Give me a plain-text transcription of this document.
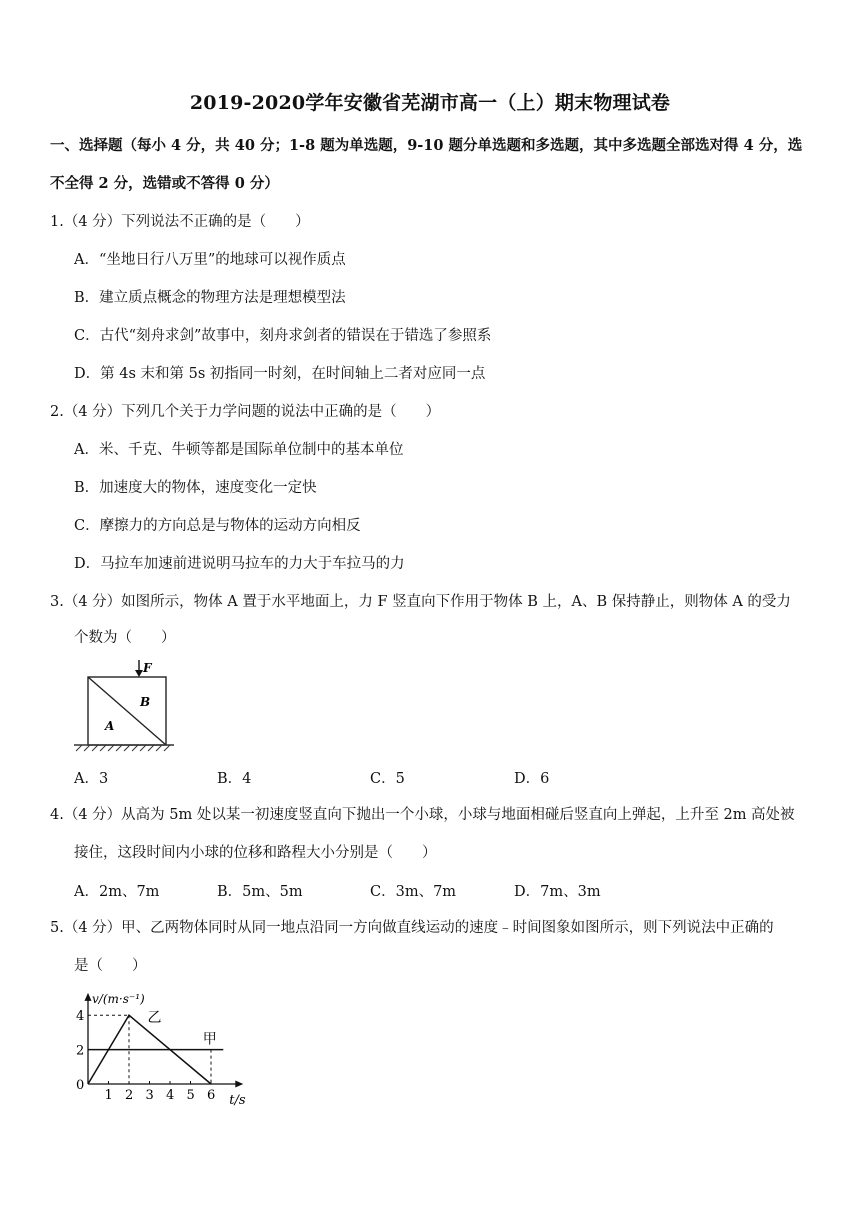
2019-2020学年安徽省芜湖市高一（上）期末物理试卷
一、选择题（每小 4 分，共 40 分；1-8 题为单选题，9-10 题分单选题和多选题，其中多选题全部选对得 4 分，选
不全得 2 分，选错或不答得 0 分）
1.（4 分）下列说法不正确的是（　　）
A．“坐地日行八万里”的地球可以视作质点
B．建立质点概念的物理方法是理想模型法
C．古代“刻舟求剑”故事中，刻舟求剑者的错误在于错选了参照系
D．第 4s 末和第 5s 初指同一时刻，在时间轴上二者对应同一点
2.（4 分）下列几个关于力学问题的说法中正确的是（　　）
A．米、千克、牛顿等都是国际单位制中的基本单位
B．加速度大的物体，速度变化一定快
C．摩擦力的方向总是与物体的运动方向相反
D．马拉车加速前进说明马拉车的力大于车拉马的力
3.（4 分）如图所示，物体 A 置于水平地面上，力 F 竖直向下作用于物体 B 上，A、B 保持静止，则物体 A 的受力
个数为（　　）
F
B
A
A．3	B．4	C．5	D．6
4.（4 分）从高为 5m 处以某一初速度竖直向下抛出一个小球，小球与地面相碰后竖直向上弹起，上升至 2m 高处被
接住，这段时间内小球的位移和路程大小分别是（　　）
A．2m、7m	B．5m、5m	C．3m、7m	D．7m、3m
5.（4 分）甲、乙两物体同时从同一地点沿同一方向做直线运动的速度﹣时间图象如图所示，则下列说法中正确的
是（　　）
v/(m·s⁻¹)
t/s
1 2 3 4 5 6
0
2
4
甲
乙
